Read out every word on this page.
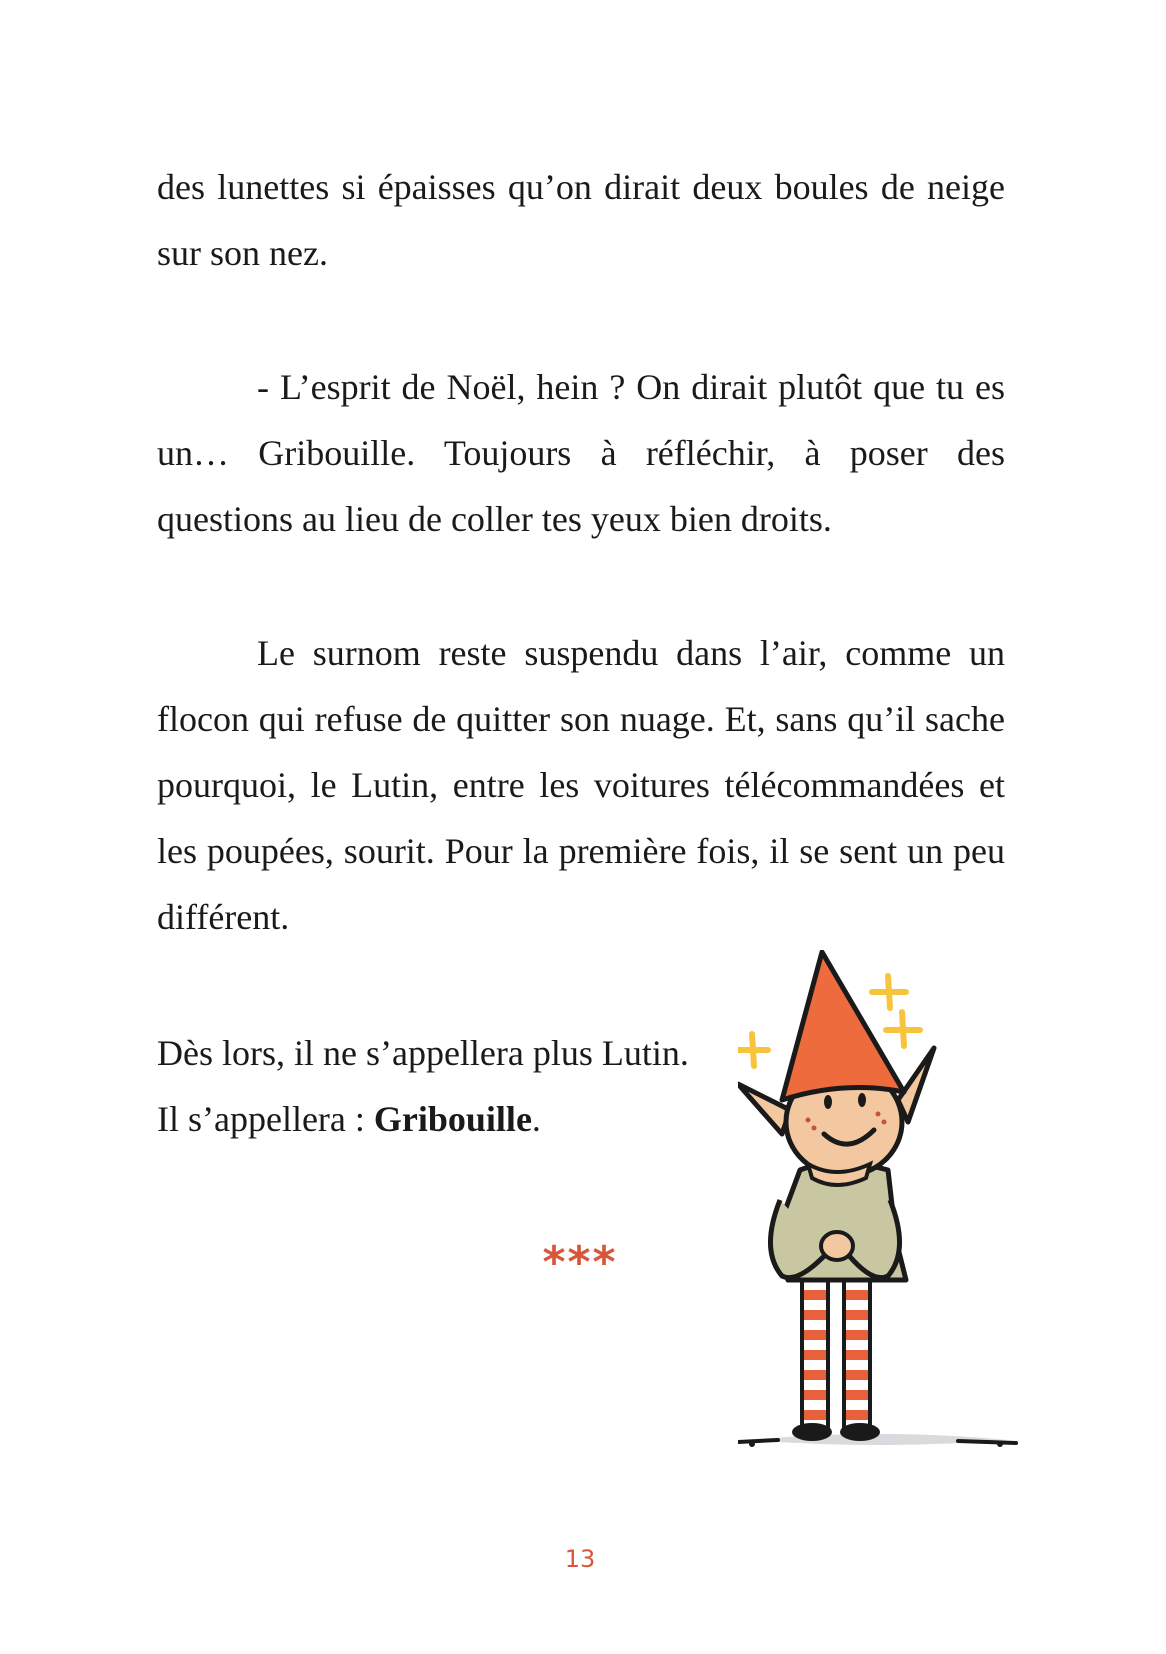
des lunettes si épaisses qu’on dirait deux boules de neige sur son nez.

- L’esprit de Noël, hein ? On dirait plutôt que tu es un… Gribouille. Toujours à réfléchir, à poser des questions au lieu de coller tes yeux bien droits.

Le surnom reste suspendu dans l’air, comme un flocon qui refuse de quitter son nuage. Et, sans qu’il sache pourquoi, le Lutin, entre les voitures télécommandées et les poupées, sourit. Pour la première fois, il se sent un peu différent.

Dès lors, il ne s’appellera plus Lutin.
Il s’appellera : Gribouille.

***

13
